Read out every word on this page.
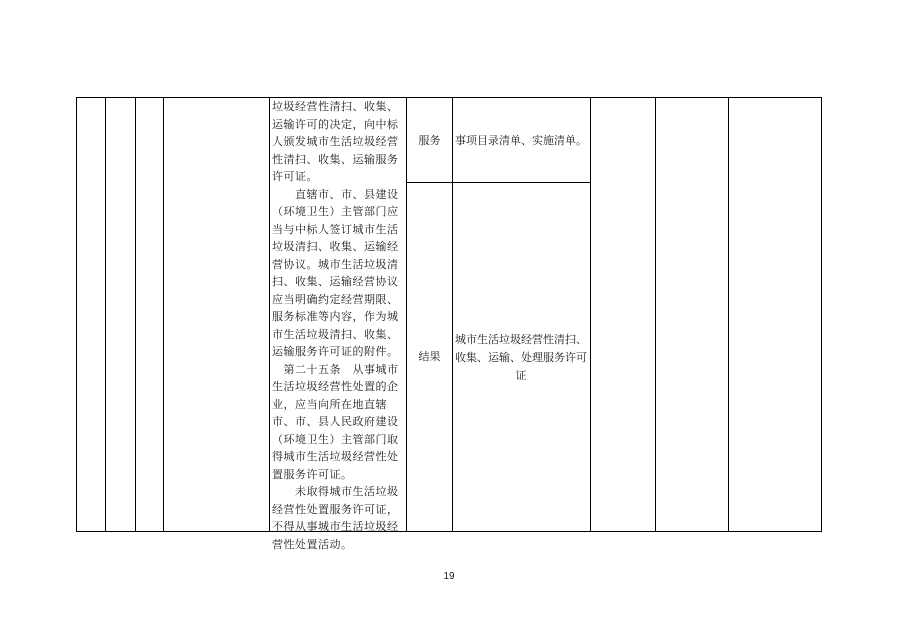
垃圾经营性清扫、收集、运输许可的决定，向中标人颁发城市生活垃圾经营性清扫、收集、运输服务许可证。

　　直辖市、市、县建设（环境卫生）主管部门应当与中标人签订城市生活垃圾清扫、收集、运输经营协议。城市生活垃圾清扫、收集、运输经营协议应当明确约定经营期限、服务标准等内容，作为城市生活垃圾清扫、收集、运输服务许可证的附件。

　第二十五条　从事城市生活垃圾经营性处置的企业，应当向所在地直辖市、市、县人民政府建设（环境卫生）主管部门取得城市生活垃圾经营性处置服务许可证。

　　未取得城市生活垃圾经营性处置服务许可证，不得从事城市生活垃圾经营性处置活动。

服务	事项目录清单、实施清单。
结果
城市生活垃圾经营性清扫、收集、运输、处理服务许可证
19
